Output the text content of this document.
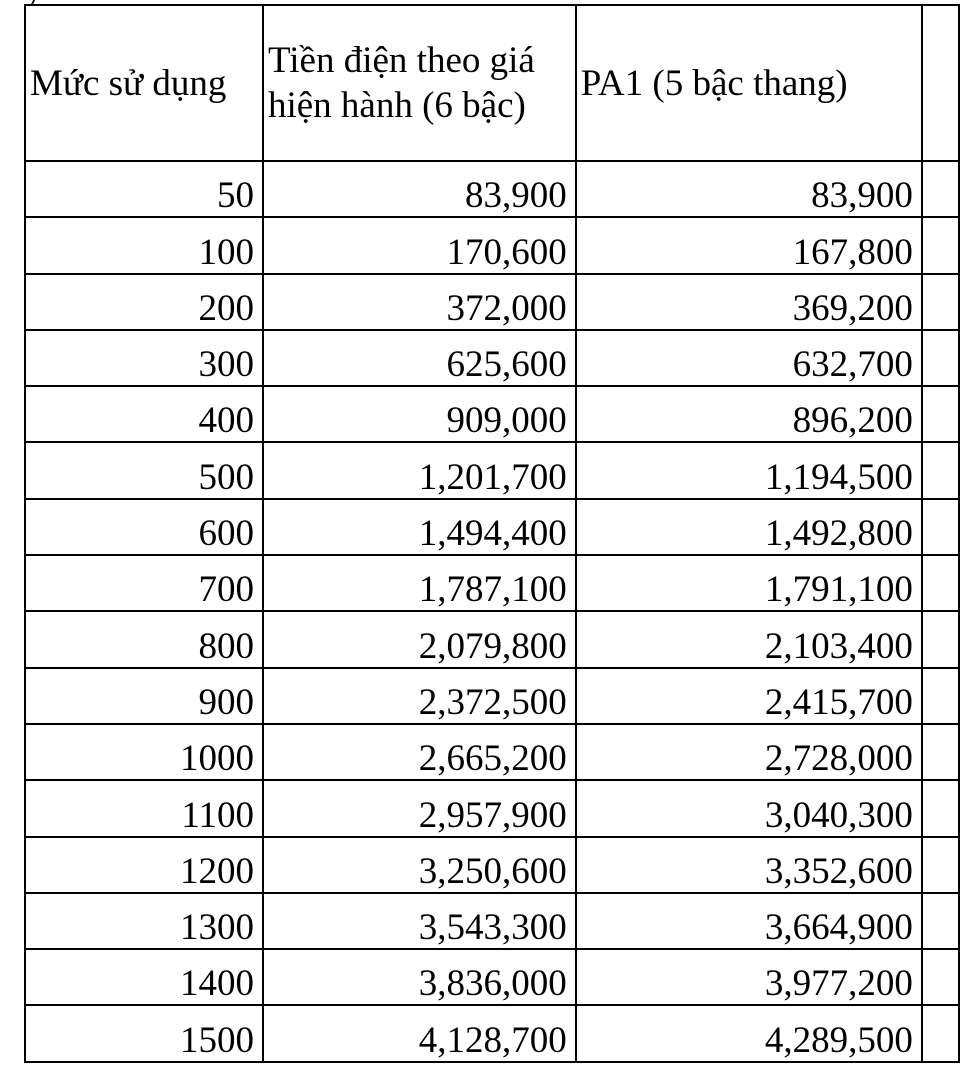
Mức sử dụng	Tiền điện theo giá hiện hành (6 bậc)	PA1 (5 bậc thang)	
50	83,900	83,900	
100	170,600	167,800	
200	372,000	369,200	
300	625,600	632,700	
400	909,000	896,200	
500	1,201,700	1,194,500	
600	1,494,400	1,492,800	
700	1,787,100	1,791,100	
800	2,079,800	2,103,400	
900	2,372,500	2,415,700	
1000	2,665,200	2,728,000	
1100	2,957,900	3,040,300	
1200	3,250,600	3,352,600	
1300	3,543,300	3,664,900	
1400	3,836,000	3,977,200	
1500	4,128,700	4,289,500	
